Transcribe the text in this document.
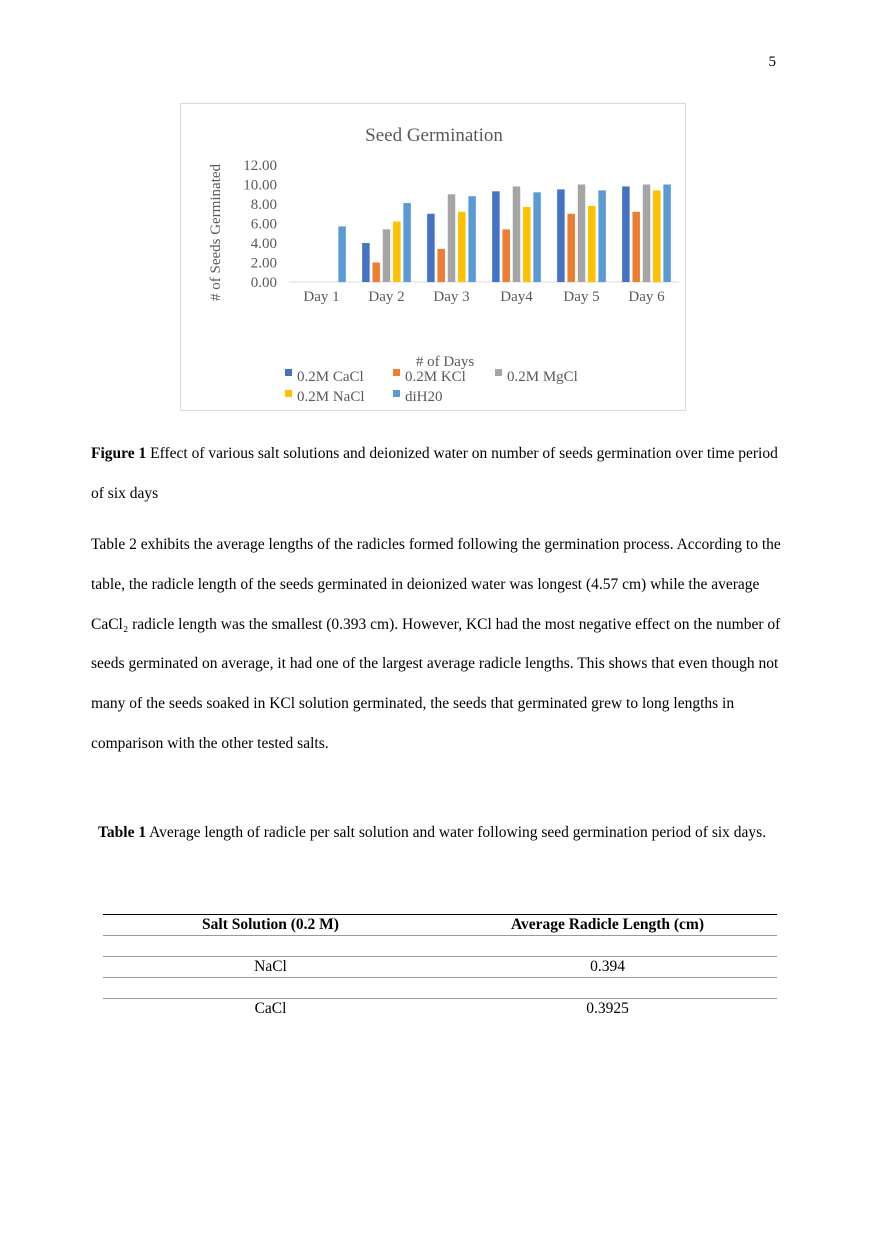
5
Seed Germination
0.00
2.00
4.00
6.00
8.00
10.00
12.00
# of Seeds Germinated	Day 1 Day 2 Day 3 Day4 Day 5 Day 6
# of Days
0.2M CaCl	0.2M KCl	0.2M MgCl

0.2M NaCl	diH20
Figure 1 Effect of various salt solutions and deionized water on number of seeds germination over time period of six days
Table 2 exhibits the average lengths of the radicles formed following the germination process. According to the table, the radicle length of the seeds germinated in deionized water was longest (4.57 cm) while the average CaCl₂ radicle length was the smallest (0.393 cm). However, KCl had the most negative effect on the number of seeds germinated on average, it had one of the largest average radicle lengths. This shows that even though not many of the seeds soaked in KCl solution germinated, the seeds that germinated grew to long lengths in comparison with the other tested salts.
Table 1 Average length of radicle per salt solution and water following seed germination period of six days.
Salt Solution (0.2 M)	Average Radicle Length (cm)

NaCl	0.394

CaCl	0.3925
